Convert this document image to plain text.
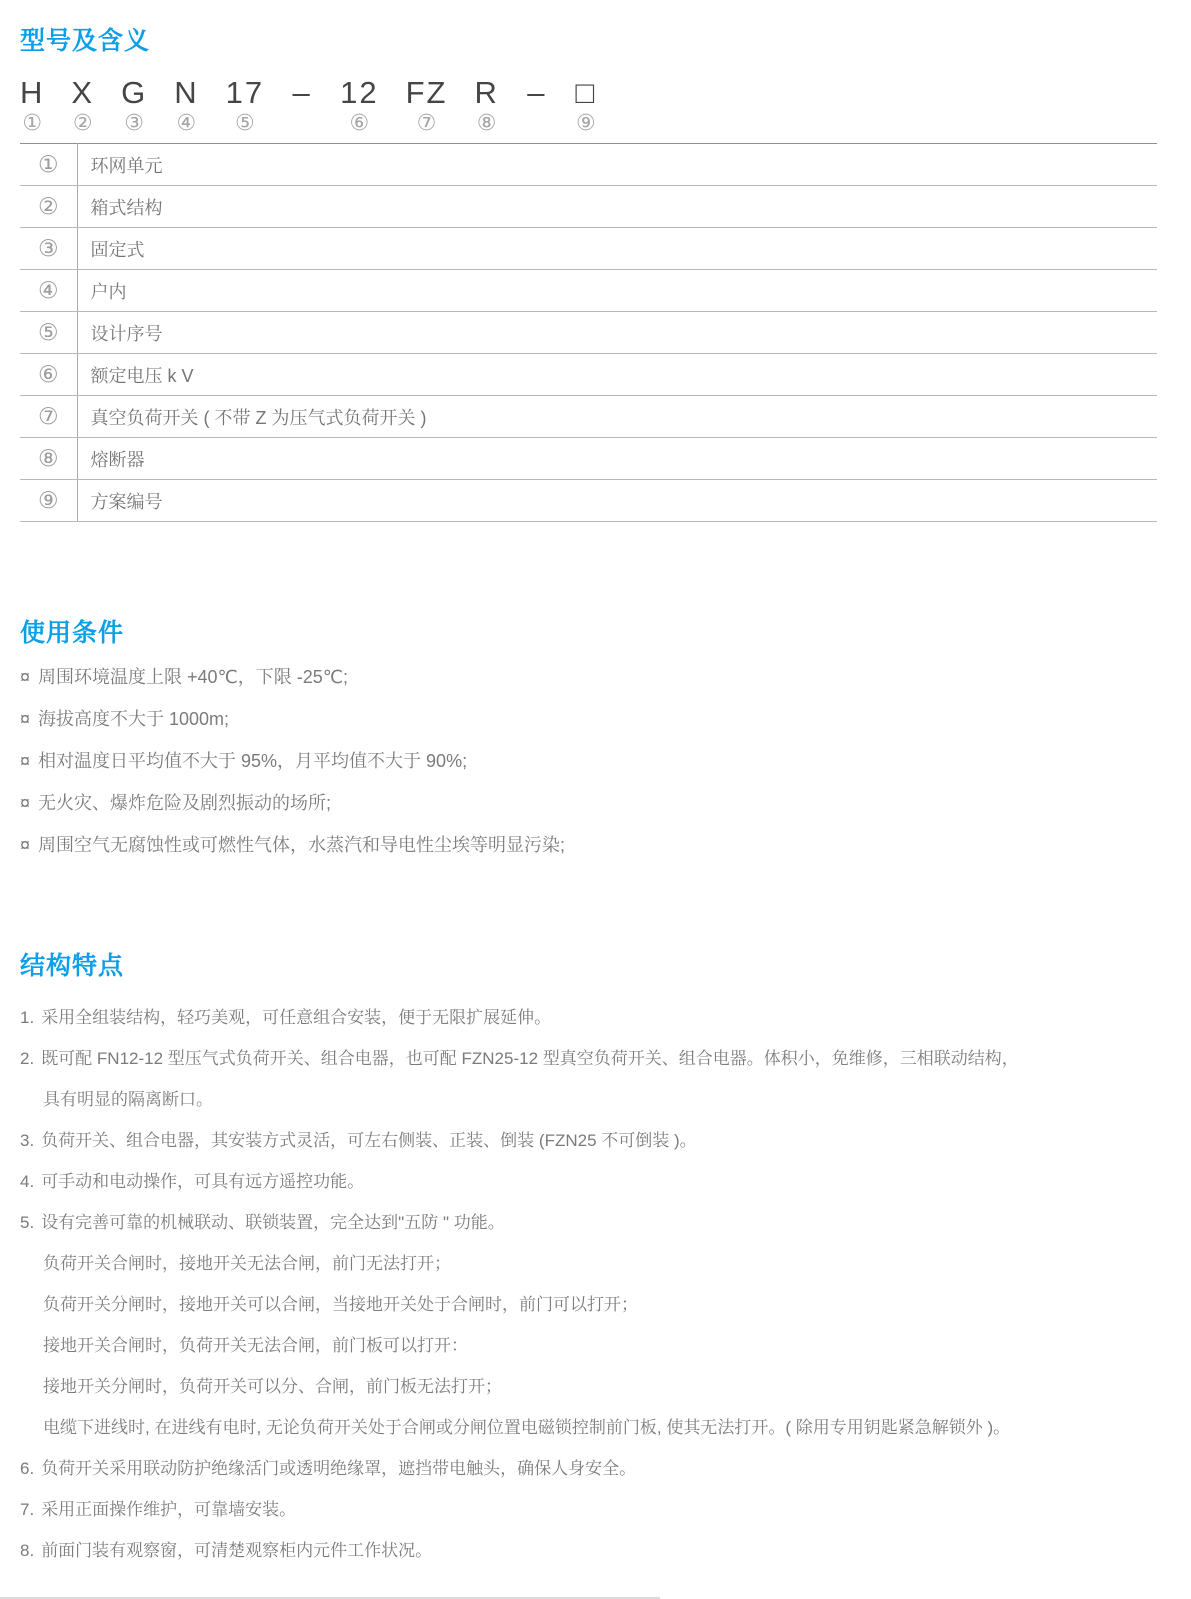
型号及含义
H
①
X
②
G
③
N
④
17
⑤
– 12
⑥
FZ
⑦
R
⑧
– □
⑨
①	环网单元
②	箱式结构
③	固定式
④	户内
⑤	设计序号
⑥	额定电压 k V
⑦	真空负荷开关 ( 不带 Z 为压气式负荷开关 )
⑧	熔断器
⑨	方案编号
使用条件
¤ 周围环境温度上限 +40℃，下限 -25℃;
¤ 海拔高度不大于 1000m;
¤ 相对温度日平均值不大于 95%，月平均值不大于 90%;
¤ 无火灾、爆炸危险及剧烈振动的场所;
¤ 周围空气无腐蚀性或可燃性气体，水蒸汽和导电性尘埃等明显污染;
结构特点
1. 采用全组装结构，轻巧美观，可任意组合安装，便于无限扩展延伸。
2. 既可配 FN12-12 型压气式负荷开关、组合电器，也可配 FZN25-12 型真空负荷开关、组合电器。体积小，免维修，三相联动结构，
具有明显的隔离断口。
3. 负荷开关、组合电器，其安装方式灵活，可左右侧装、正装、倒装 (FZN25 不可倒装 )。
4. 可手动和电动操作，可具有远方遥控功能。
5. 设有完善可靠的机械联动、联锁装置，完全达到"五防 " 功能。
负荷开关合闸时，接地开关无法合闸，前门无法打开；
负荷开关分闸时，接地开关可以合闸，当接地开关处于合闸时，前门可以打开；
接地开关合闸时，负荷开关无法合闸，前门板可以打开：
接地开关分闸时，负荷开关可以分、合闸，前门板无法打开；
电缆下进线时, 在进线有电时, 无论负荷开关处于合闸或分闸位置电磁锁控制前门板, 使其无法打开。( 除用专用钥匙紧急解锁外 )。
6. 负荷开关采用联动防护绝缘活门或透明绝缘罩，遮挡带电触头，确保人身安全。
7. 采用正面操作维护，可靠墙安装。
8. 前面门装有观察窗，可清楚观察柜内元件工作状况。
